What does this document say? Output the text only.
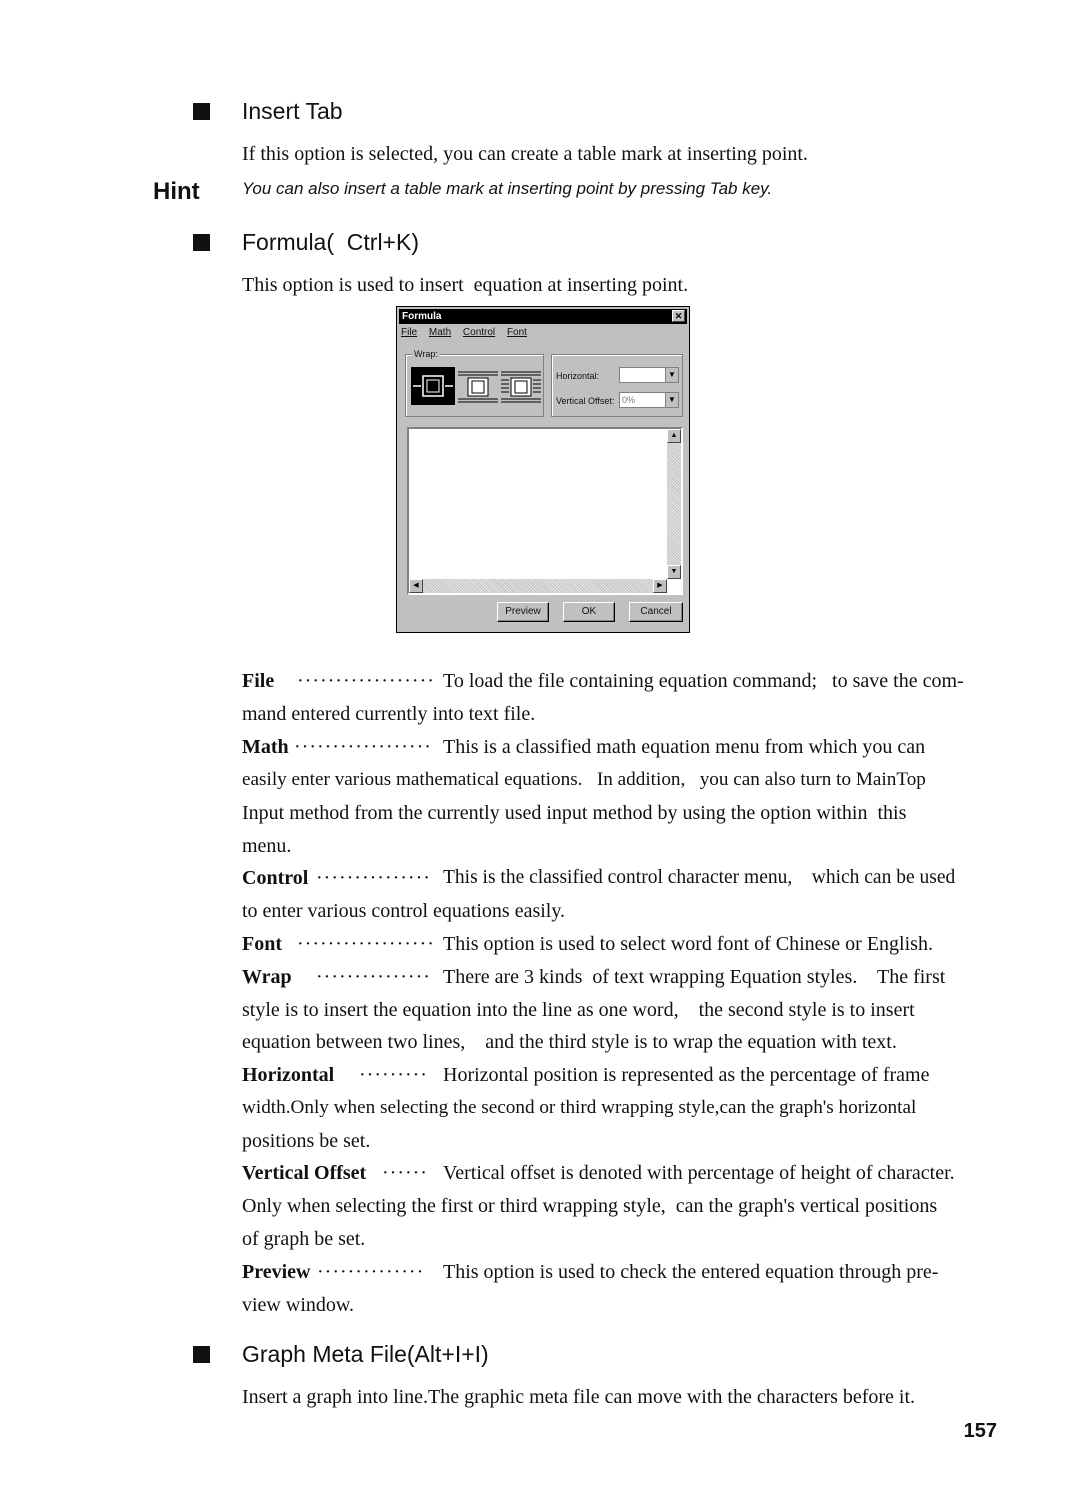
Insert Tab
If this option is selected, you can create a table mark at inserting point.
Hint You can also insert a table mark at inserting point by pressing Tab key.
Formula(  Ctrl+K)
This option is used to insert  equation at inserting point.
Formula	✕
File Math Control Font
Wrap:
Horizontal:	▼
Vertical Offset: 0%	▼
▲
▼
◀	▶
Preview	OK	Cancel
File ·················· To load the file containing equation command;   to save the com-
mand entered currently into text file.
Math ·················· This is a classified math equation menu from which you can
easily enter various mathematical equations.   In addition,   you can also turn to MainTop
Input method from the currently used input method by using the option within  this
menu.
Control ··············· This is the classified control character menu,    which can be used
to enter various control equations easily.
Font ·················· This option is used to select word font of Chinese or English.
Wrap ··············· There are 3 kinds  of text wrapping Equation styles.    The first
style is to insert the equation into the line as one word,    the second style is to insert
equation between two lines,    and the third style is to wrap the equation with text.
Horizontal ········· Horizontal position is represented as the percentage of frame
width.Only when selecting the second or third wrapping style,can the graph's horizontal
positions be set.
Vertical Offset ······ Vertical offset is denoted with percentage of height of character.
Only when selecting the first or third wrapping style,  can the graph's vertical positions
of graph be set.
Preview ·············· This option is used to check the entered equation through pre-
view window.
Graph Meta File(Alt+I+I)
Insert a graph into line.The graphic meta file can move with the characters before it.
157
